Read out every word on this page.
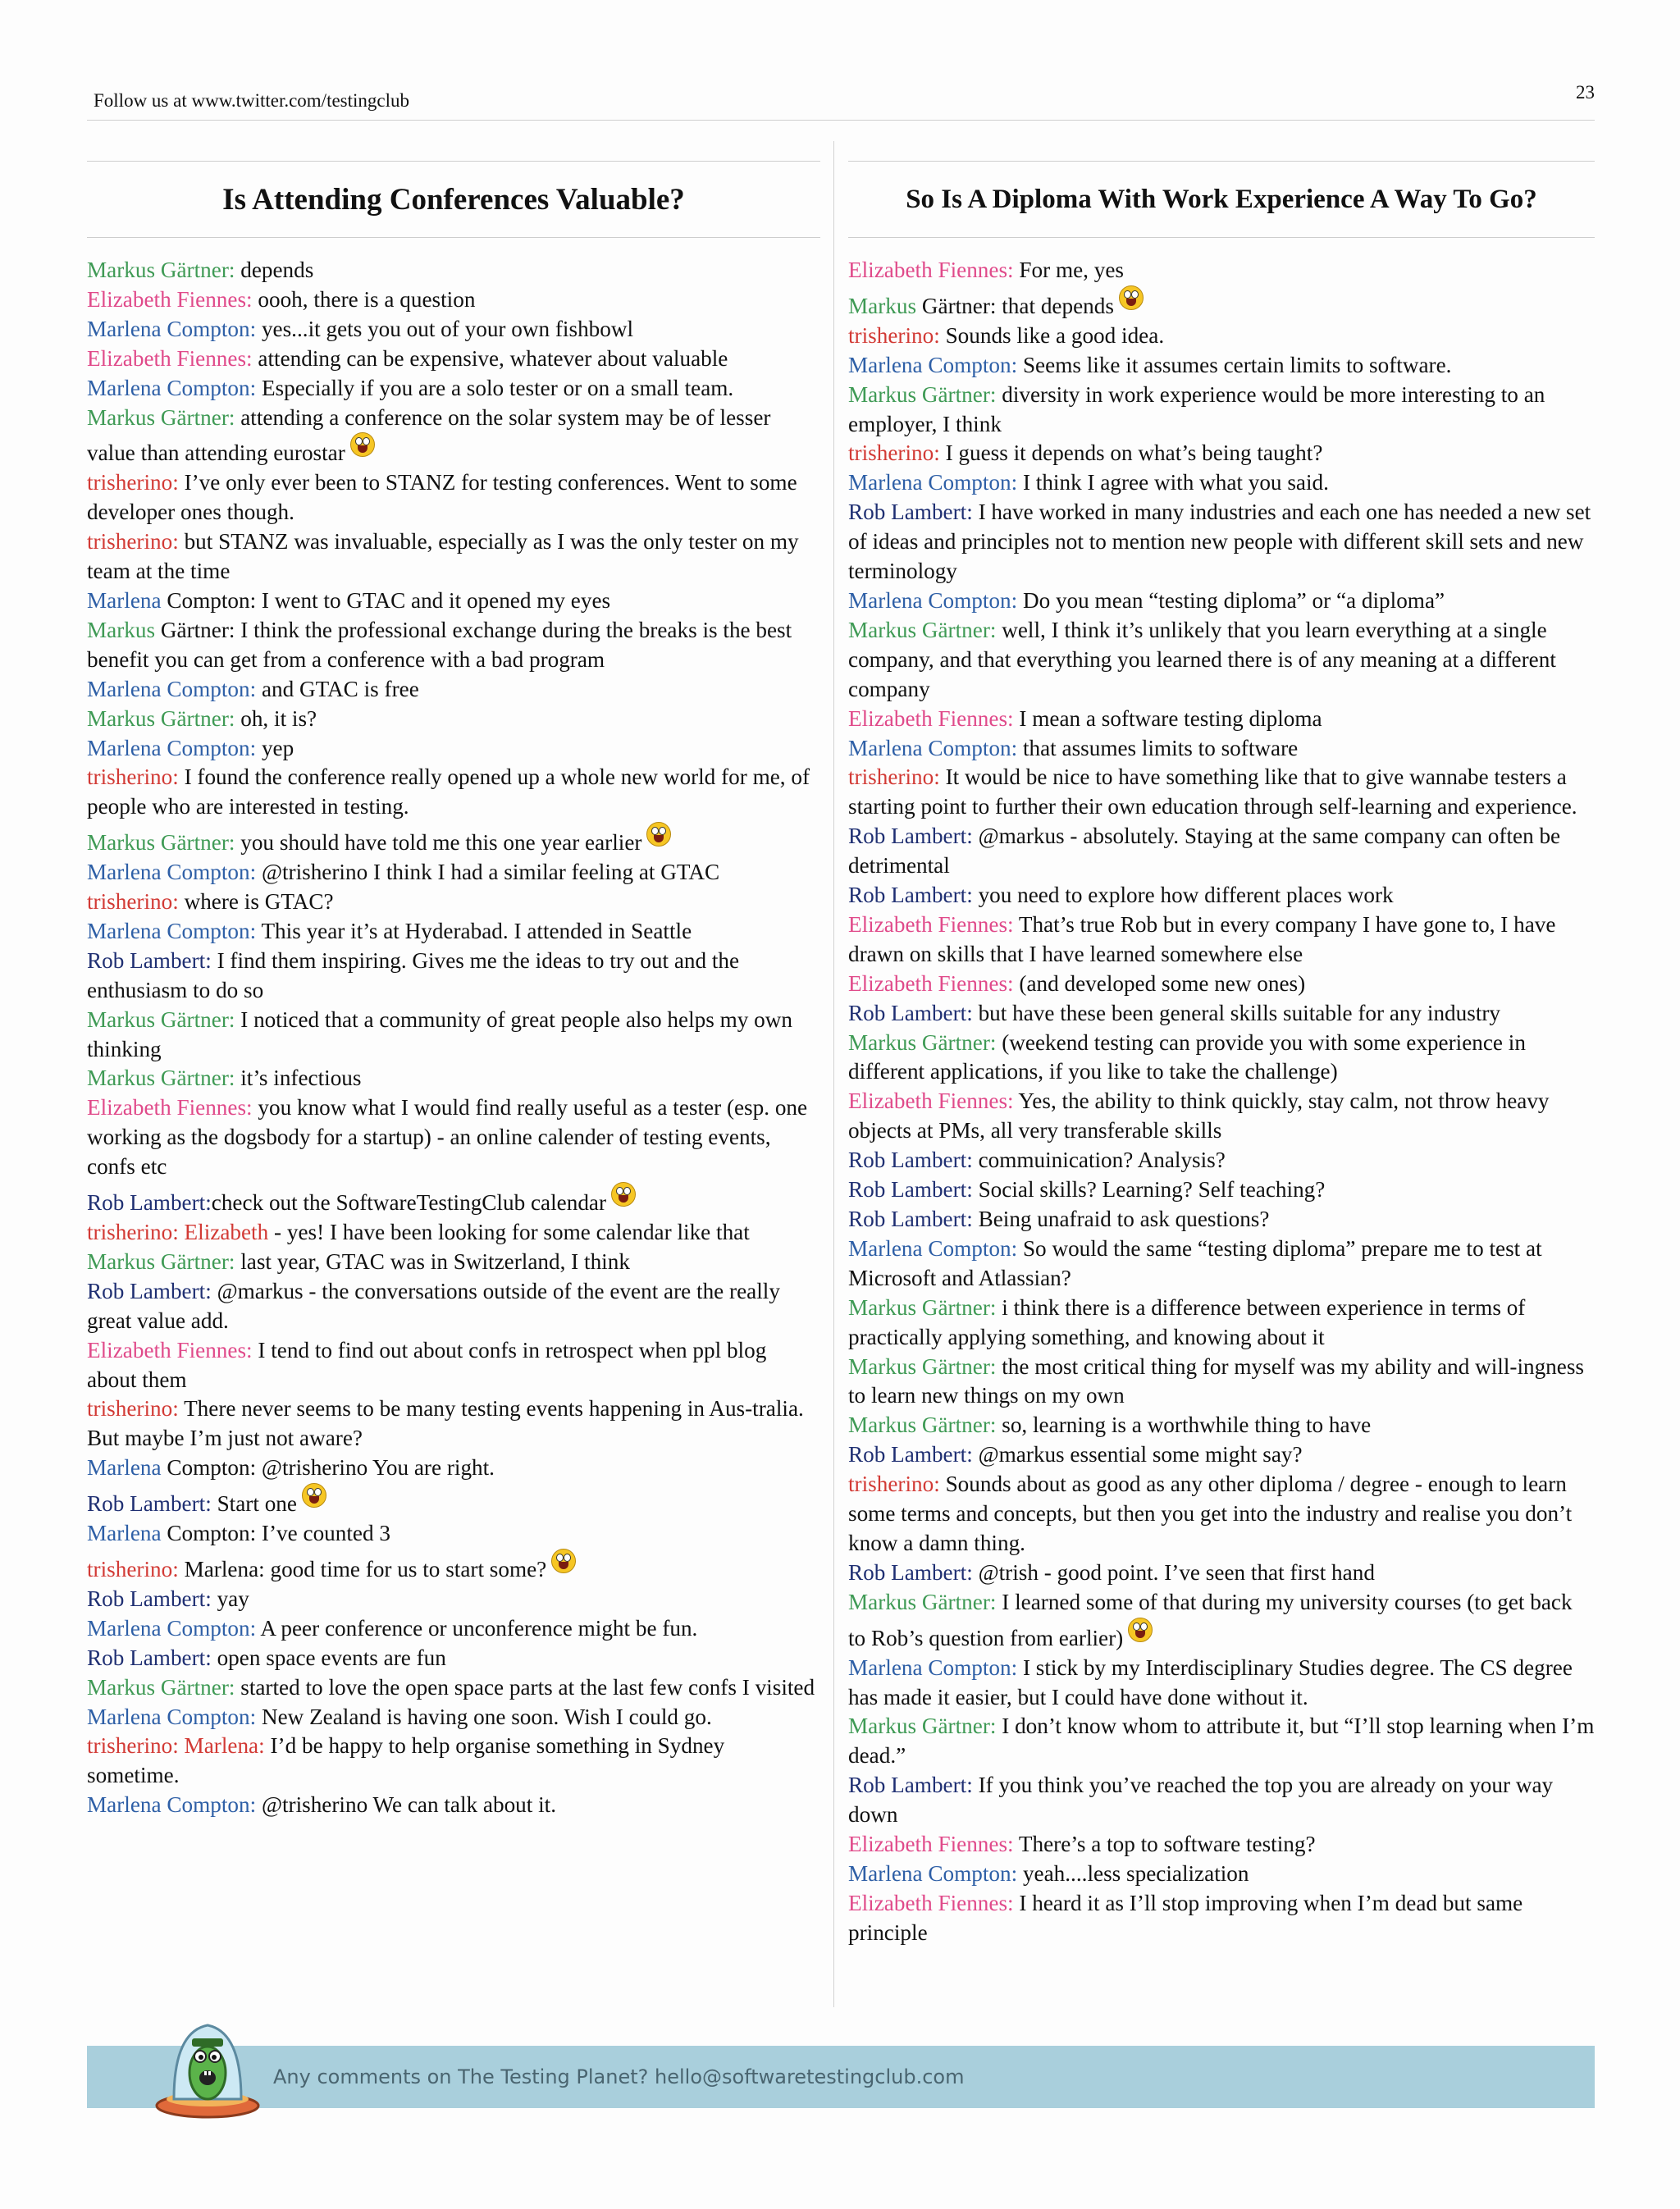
Follow us at www.twitter.com/testingclub	23
Is Attending Conferences Valuable?

Markus Gärtner: depends

Elizabeth Fiennes: oooh, there is a question

Marlena Compton: yes...it gets you out of your own fishbowl

Elizabeth Fiennes: attending can be expensive, whatever about valuable

Marlena Compton: Especially if you are a solo tester or on a small team.

Markus Gärtner: attending a conference on the solar system may be of lesser value than attending eurostar

trisherino: I’ve only ever been to STANZ for testing conferences. Went to some developer ones though.

trisherino: but STANZ was invaluable, especially as I was the only tester on my team at the time

Marlena Compton: I went to GTAC and it opened my eyes

Markus Gärtner: I think the professional exchange during the breaks is the best benefit you can get from a conference with a bad program

Marlena Compton: and GTAC is free

Markus Gärtner: oh, it is?

Marlena Compton: yep

trisherino: I found the conference really opened up a whole new world for me, of people who are interested in testing.

Markus Gärtner: you should have told me this one year earlier

Marlena Compton: @trisherino I think I had a similar feeling at GTAC

trisherino: where is GTAC?

Marlena Compton: This year it’s at Hyderabad. I attended in Seattle

Rob Lambert: I find them inspiring. Gives me the ideas to try out and the enthusiasm to do so

Markus Gärtner: I noticed that a community of great people also helps my own thinking

Markus Gärtner: it’s infectious

Elizabeth Fiennes: you know what I would find really useful as a tester (esp. one working as the dogsbody for a startup) - an online calender of testing events, confs etc

Rob Lambert:check out the SoftwareTestingClub calendar

trisherino: Elizabeth - yes! I have been looking for some calendar like that

Markus Gärtner: last year, GTAC was in Switzerland, I think

Rob Lambert: @markus - the conversations outside of the event are the really great value add.

Elizabeth Fiennes: I tend to find out about confs in retrospect when ppl blog about them

trisherino: There never seems to be many testing events happening in Aus-tralia. But maybe I’m just not aware?

Marlena Compton: @trisherino You are right.

Rob Lambert: Start one

Marlena Compton: I’ve counted 3

trisherino: Marlena: good time for us to start some?

Rob Lambert: yay

Marlena Compton: A peer conference or unconference might be fun.

Rob Lambert: open space events are fun

Markus Gärtner: started to love the open space parts at the last few confs I visited

Marlena Compton: New Zealand is having one soon. Wish I could go.

trisherino: Marlena: I’d be happy to help organise something in Sydney sometime.

Marlena Compton: @trisherino We can talk about it.

So Is A Diploma With Work Experience A Way To Go?

Elizabeth Fiennes: For me, yes

Markus Gärtner: that depends

trisherino: Sounds like a good idea.

Marlena Compton: Seems like it assumes certain limits to software.

Markus Gärtner: diversity in work experience would be more interesting to an employer, I think

trisherino: I guess it depends on what’s being taught?

Marlena Compton: I think I agree with what you said.

Rob Lambert: I have worked in many industries and each one has needed a new set of ideas and principles not to mention new people with different skill sets and new terminology

Marlena Compton: Do you mean “testing diploma” or “a diploma”

Markus Gärtner: well, I think it’s unlikely that you learn everything at a single company, and that everything you learned there is of any meaning at a different company

Elizabeth Fiennes: I mean a software testing diploma

Marlena Compton: that assumes limits to software

trisherino: It would be nice to have something like that to give wannabe testers a starting point to further their own education through self-learning and experience.

Rob Lambert: @markus - absolutely. Staying at the same company can often be detrimental

Rob Lambert: you need to explore how different places work

Elizabeth Fiennes: That’s true Rob but in every company I have gone to, I have drawn on skills that I have learned somewhere else

Elizabeth Fiennes: (and developed some new ones)

Rob Lambert: but have these been general skills suitable for any industry

Markus Gärtner: (weekend testing can provide you with some experience in different applications, if you like to take the challenge)

Elizabeth Fiennes: Yes, the ability to think quickly, stay calm, not throw heavy objects at PMs, all very transferable skills

Rob Lambert: commuinication? Analysis?

Rob Lambert: Social skills? Learning? Self teaching?

Rob Lambert: Being unafraid to ask questions?

Marlena Compton: So would the same “testing diploma” prepare me to test at Microsoft and Atlassian?

Markus Gärtner: i think there is a difference between experience in terms of practically applying something, and knowing about it

Markus Gärtner: the most critical thing for myself was my ability and will-ingness to learn new things on my own

Markus Gärtner: so, learning is a worthwhile thing to have

Rob Lambert: @markus essential some might say?

trisherino: Sounds about as good as any other diploma / degree - enough to learn some terms and concepts, but then you get into the industry and realise you don’t know a damn thing.

Rob Lambert: @trish - good point. I’ve seen that first hand

Markus Gärtner: I learned some of that during my university courses (to get back to Rob’s question from earlier)

Marlena Compton: I stick by my Interdisciplinary Studies degree. The CS degree has made it easier, but I could have done without it.

Markus Gärtner: I don’t know whom to attribute it, but “I’ll stop learning when I’m dead.”

Rob Lambert: If you think you’ve reached the top you are already on your way down

Elizabeth Fiennes: There’s a top to software testing?

Marlena Compton: yeah....less specialization

Elizabeth Fiennes: I heard it as I’ll stop improving when I’m dead but same principle

Any comments on The Testing Planet? hello@softwaretestingclub.com
